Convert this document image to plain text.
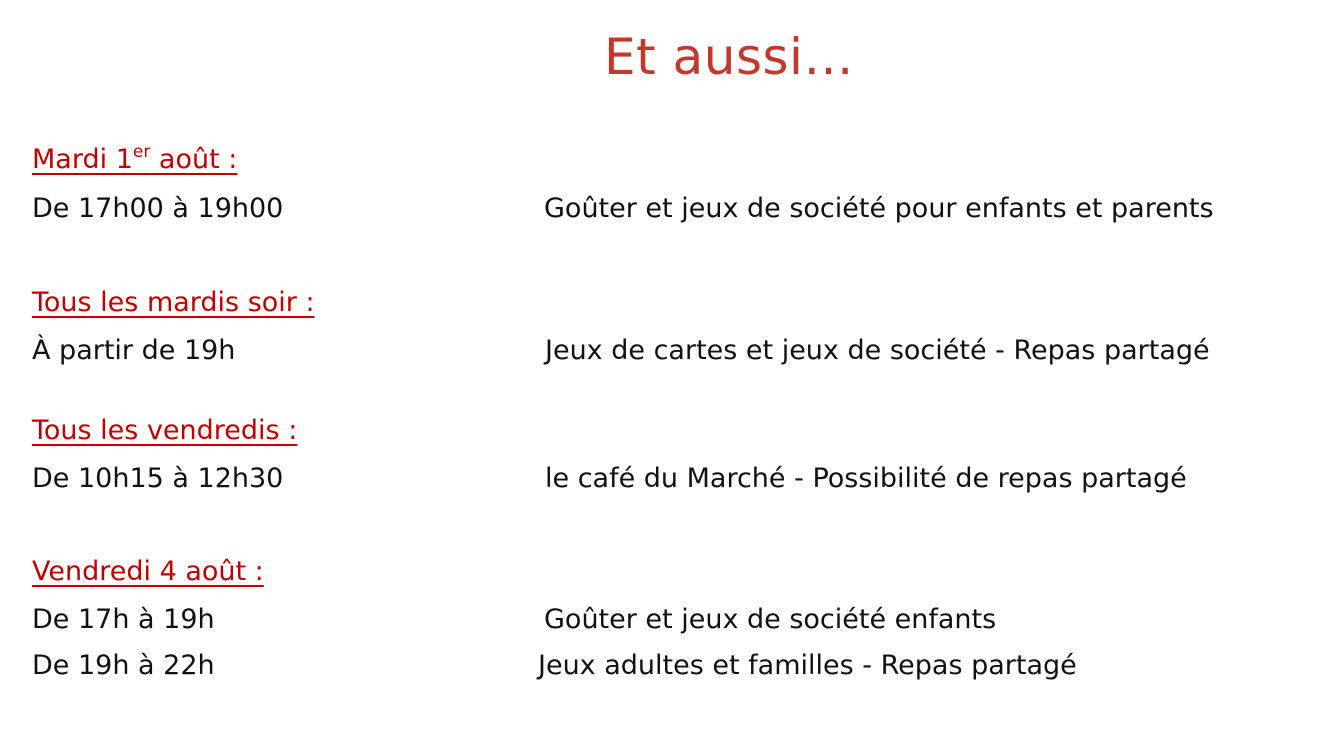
Et aussi…
Mardi 1er août :
De 17h00 à 19h00	Goûter et jeux de société pour enfants et parents
Tous les mardis soir :
À partir de 19h	Jeux de cartes et jeux de société - Repas partagé
Tous les vendredis :
De 10h15 à 12h30	le café du Marché - Possibilité de repas partagé
Vendredi 4 août :
De 17h à 19h	Goûter et jeux de société enfants
De 19h à 22h	Jeux adultes et familles - Repas partagé
